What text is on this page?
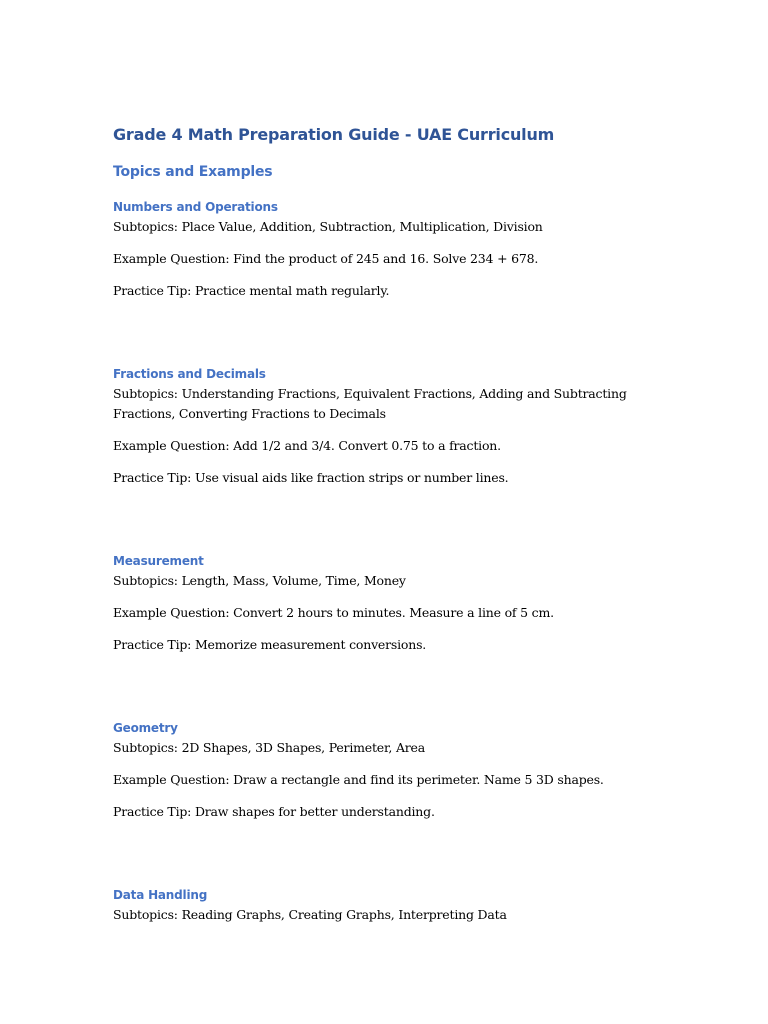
Grade 4 Math Preparation Guide - UAE Curriculum
Topics and Examples
Numbers and Operations

Subtopics: Place Value, Addition, Subtraction, Multiplication, Division

Example Question: Find the product of 245 and 16. Solve 234 + 678.

Practice Tip: Practice mental math regularly.

Fractions and Decimals

Subtopics: Understanding Fractions, Equivalent Fractions, Adding and Subtracting Fractions, Converting Fractions to Decimals

Example Question: Add 1/2 and 3/4. Convert 0.75 to a fraction.

Practice Tip: Use visual aids like fraction strips or number lines.

Measurement

Subtopics: Length, Mass, Volume, Time, Money

Example Question: Convert 2 hours to minutes. Measure a line of 5 cm.

Practice Tip: Memorize measurement conversions.

Geometry

Subtopics: 2D Shapes, 3D Shapes, Perimeter, Area

Example Question: Draw a rectangle and find its perimeter. Name 5 3D shapes.

Practice Tip: Draw shapes for better understanding.

Data Handling

Subtopics: Reading Graphs, Creating Graphs, Interpreting Data
